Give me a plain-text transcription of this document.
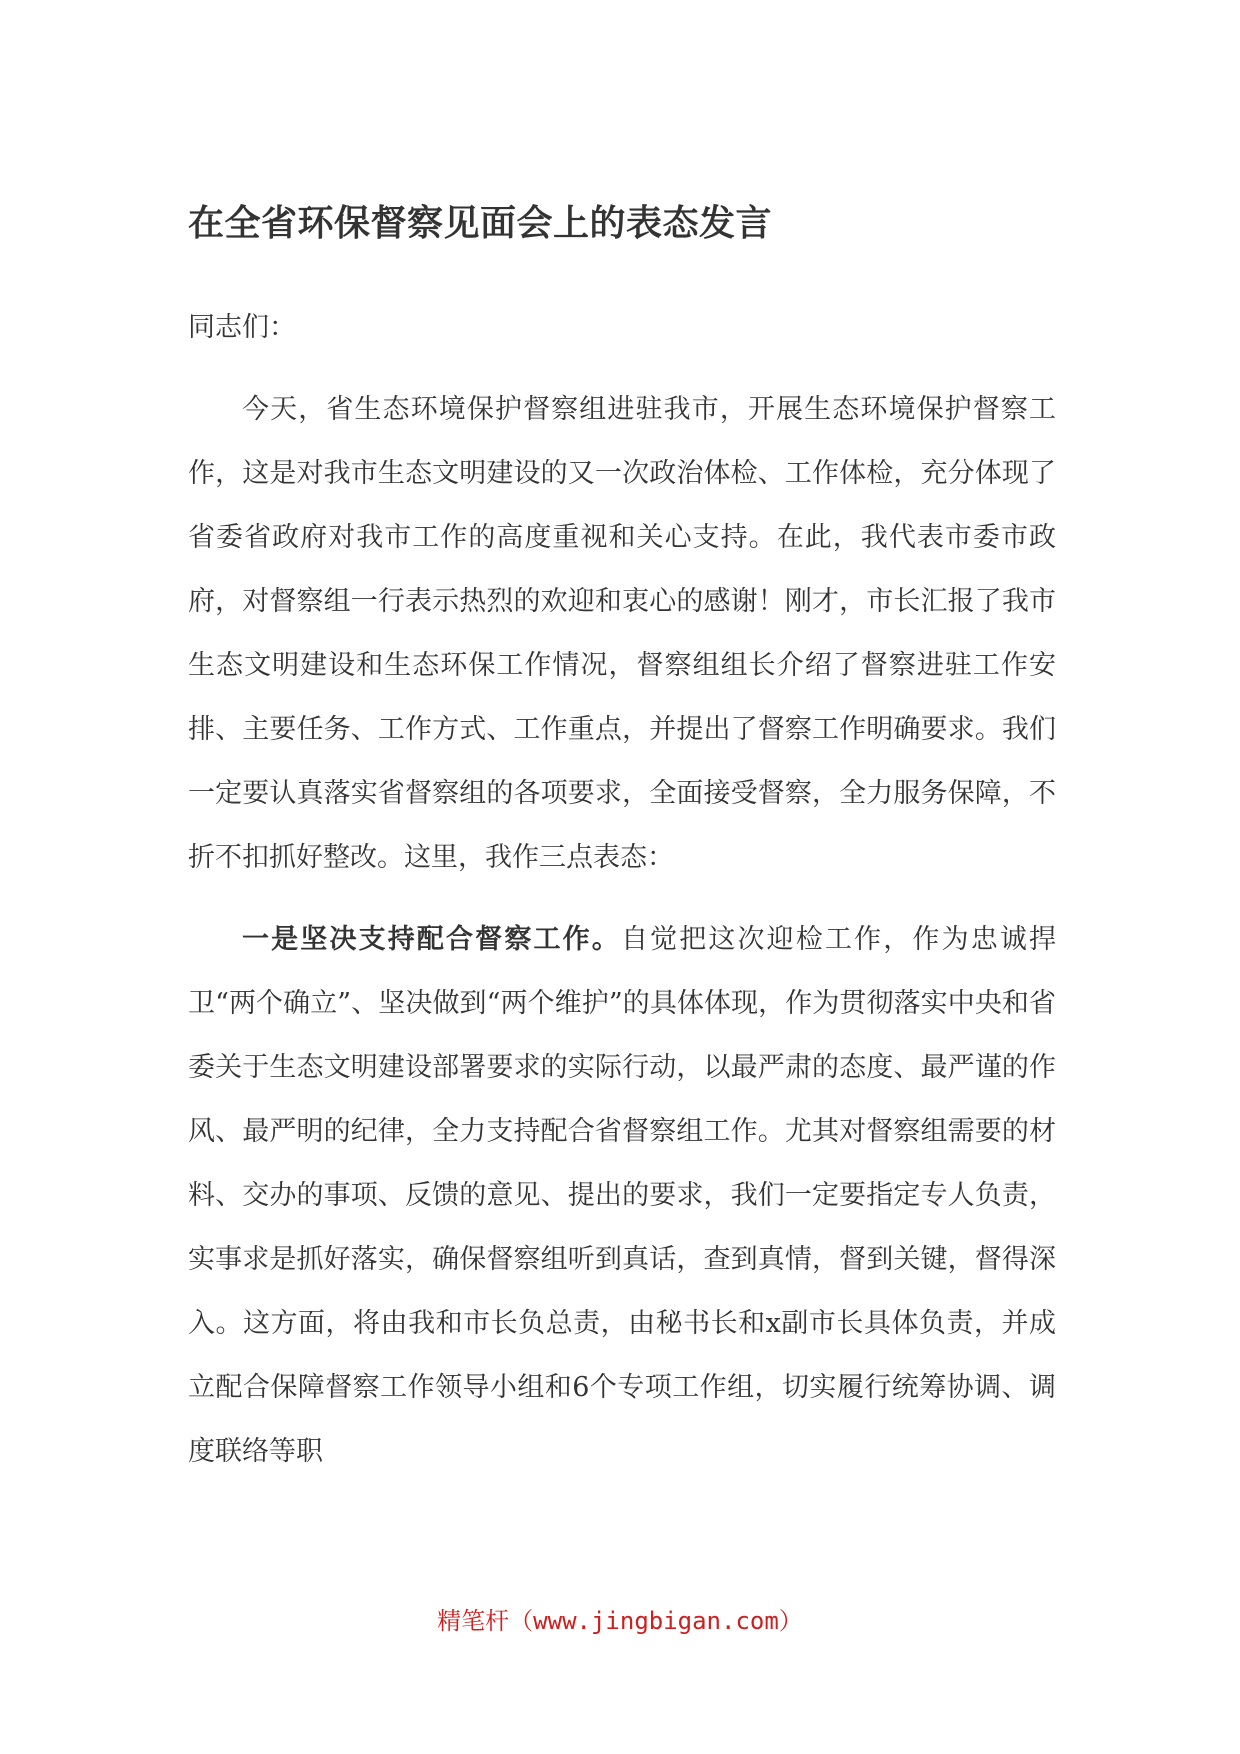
在全省环保督察见面会上的表态发言

同志们：

今天，省生态环境保护督察组进驻我市，开展生态环境保护督察工作，这是对我市生态文明建设的又一次政治体检、工作体检，充分体现了省委省政府对我市工作的高度重视和关心支持。在此，我代表市委市政府，对督察组一行表示热烈的欢迎和衷心的感谢！刚才，市长汇报了我市生态文明建设和生态环保工作情况，督察组组长介绍了督察进驻工作安排、主要任务、工作方式、工作重点，并提出了督察工作明确要求。我们一定要认真落实省督察组的各项要求，全面接受督察，全力服务保障，不折不扣抓好整改。这里，我作三点表态：

一是坚决支持配合督察工作。自觉把这次迎检工作，作为忠诚捍卫“两个确立”、坚决做到“两个维护”的具体体现，作为贯彻落实中央和省委关于生态文明建设部署要求的实际行动，以最严肃的态度、最严谨的作风、最严明的纪律，全力支持配合省督察组工作。尤其对督察组需要的材料、交办的事项、反馈的意见、提出的要求，我们一定要指定专人负责，实事求是抓好落实，确保督察组听到真话，查到真情，督到关键，督得深入。这方面，将由我和市长负总责，由秘书长和x副市长具体负责，并成立配合保障督察工作领导小组和6个专项工作组，切实履行统筹协调、调度联络等职

精笔杆（www.jingbigan.com）
